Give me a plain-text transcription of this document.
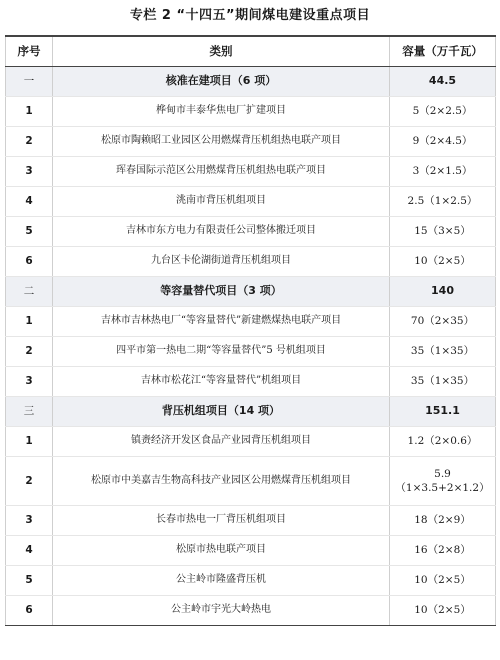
专栏 2 “十四五”期间煤电建设重点项目
序号	类别	容量（万千瓦）
一	核准在建项目（6 项）	44.5
1	桦甸市丰泰华焦电厂扩建项目	5（2×2.5）
2	松原市陶赖昭工业园区公用燃煤背压机组热电联产项目	9（2×4.5）
3	珲春国际示范区公用燃煤背压机组热电联产项目	3（2×1.5）
4	洮南市背压机组项目	2.5（1×2.5）
5	吉林市东方电力有限责任公司整体搬迁项目	15（3×5）
6	九台区卡伦湖街道背压机组项目	10（2×5）
二	等容量替代项目（3 项）	140
1	吉林市吉林热电厂“等容量替代”新建燃煤热电联产项目	70（2×35）
2	四平市第一热电二期“等容量替代”5 号机组项目	35（1×35）
3	吉林市松花江“等容量替代”机组项目	35（1×35）
三	背压机组项目（14 项）	151.1
1	镇赉经济开发区食品产业园背压机组项目	1.2（2×0.6）
2	松原市中美嘉吉生物高科技产业园区公用燃煤背压机组项目	5.9（1×3.5+2×1.2）
3	长春市热电一厂背压机组项目	18（2×9）
4	松原市热电联产项目	16（2×8）
5	公主岭市隆盛背压机	10（2×5）
6	公主岭市宇光大岭热电	10（2×5）
